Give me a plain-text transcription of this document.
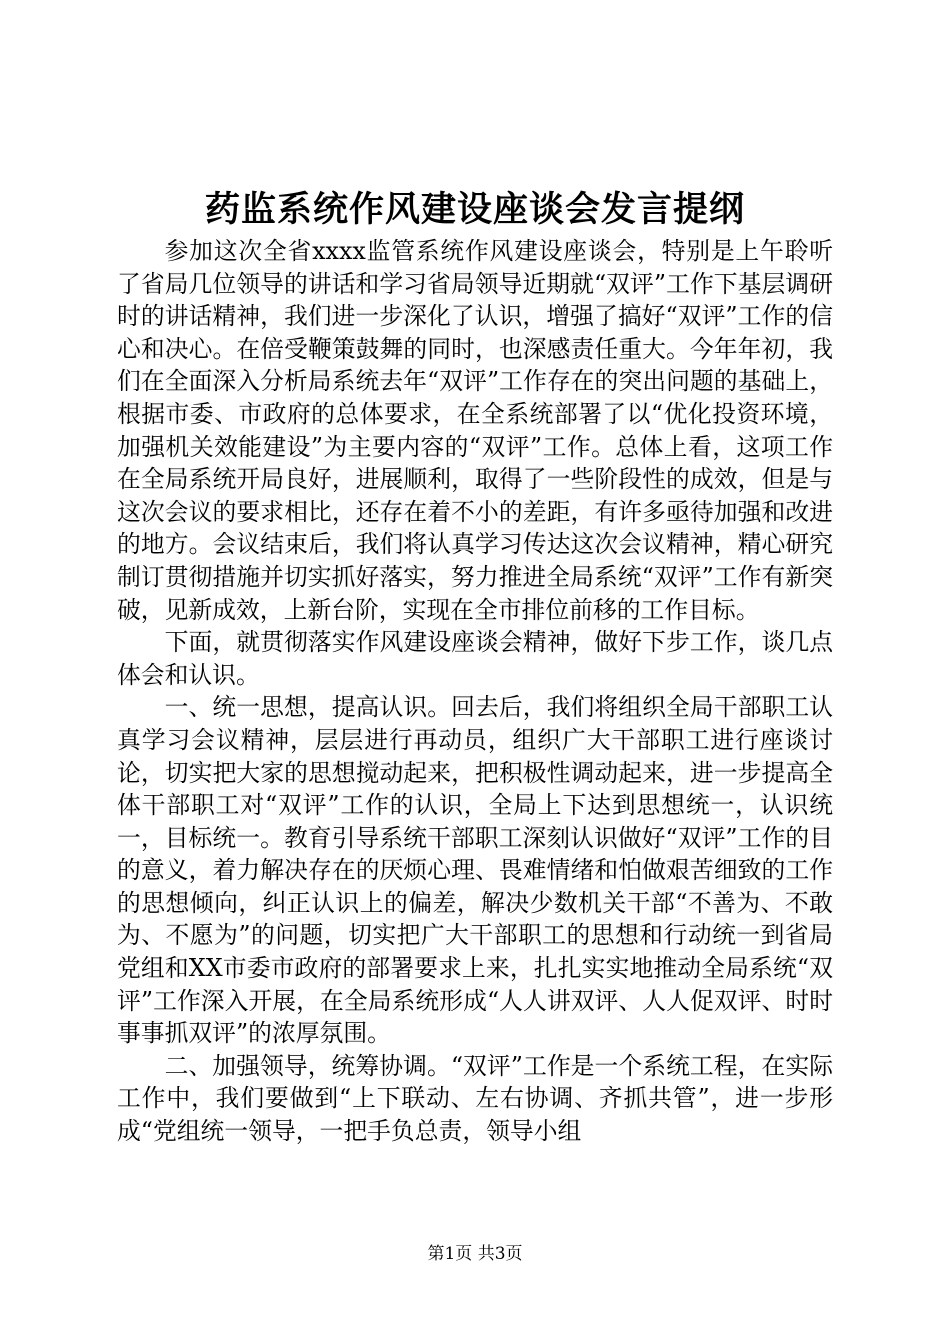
药监系统作风建设座谈会发言提纲

参加这次全省xxxx监管系统作风建设座谈会，特别是上午聆听了省局几位领导的讲话和学习省局领导近期就“双评”工作下基层调研时的讲话精神，我们进一步深化了认识，增强了搞好“双评”工作的信心和决心。在倍受鞭策鼓舞的同时，也深感责任重大。今年年初，我们在全面深入分析局系统去年“双评”工作存在的突出问题的基础上，根据市委、市政府的总体要求，在全系统部署了以“优化投资环境，加强机关效能建设”为主要内容的“双评”工作。总体上看，这项工作在全局系统开局良好，进展顺利，取得了一些阶段性的成效，但是与这次会议的要求相比，还存在着不小的差距，有许多亟待加强和改进的地方。会议结束后，我们将认真学习传达这次会议精神，精心研究制订贯彻措施并切实抓好落实，努力推进全局系统“双评”工作有新突破，见新成效，上新台阶，实现在全市排位前移的工作目标。

下面，就贯彻落实作风建设座谈会精神，做好下步工作，谈几点体会和认识。

一、统一思想，提高认识。回去后，我们将组织全局干部职工认真学习会议精神，层层进行再动员，组织广大干部职工进行座谈讨论，切实把大家的思想搅动起来，把积极性调动起来，进一步提高全体干部职工对“双评”工作的认识，全局上下达到思想统一，认识统一，目标统一。教育引导系统干部职工深刻认识做好“双评”工作的目的意义，着力解决存在的厌烦心理、畏难情绪和怕做艰苦细致的工作的思想倾向，纠正认识上的偏差，解决少数机关干部“不善为、不敢为、不愿为”的问题，切实把广大干部职工的思想和行动统一到省局党组和XX市委市政府的部署要求上来，扎扎实实地推动全局系统“双评”工作深入开展，在全局系统形成“人人讲双评、人人促双评、时时事事抓双评”的浓厚氛围。

二、加强领导，统筹协调。“双评”工作是一个系统工程，在实际工作中，我们要做到“上下联动、左右协调、齐抓共管”，进一步形成“党组统一领导，一把手负总责，领导小组

第1页 共3页
